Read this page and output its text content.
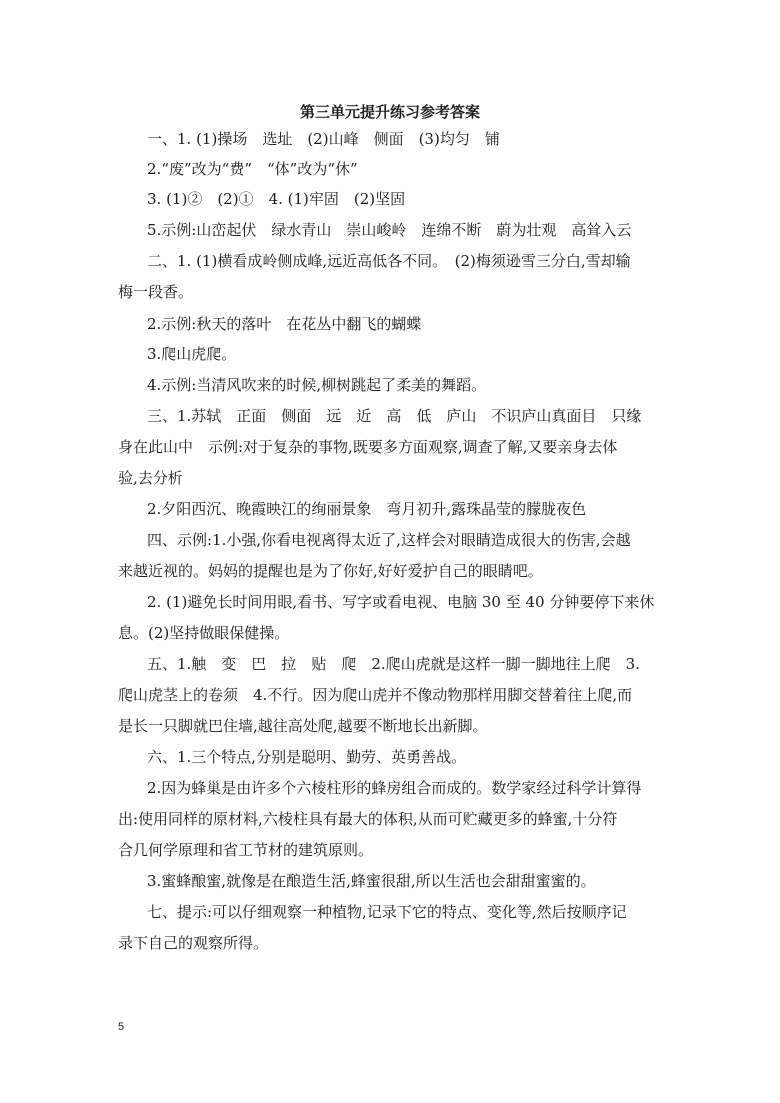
第三单元提升练习参考答案
一、1. (1)操场　选址　(2)山峰　侧面　(3)均匀　铺
2.“废”改为“费”　“体”改为“休”
3. (1)②　(2)①　4. (1)牢固　(2)坚固
5.示例:山峦起伏　绿水青山　崇山峻岭　连绵不断　蔚为壮观　高耸入云
二、1. (1)横看成岭侧成峰,远近高低各不同。　(2)梅须逊雪三分白,雪却输
梅一段香。
2.示例:秋天的落叶　在花丛中翻飞的蝴蝶
3.爬山虎爬。
4.示例:当清风吹来的时候,柳树跳起了柔美的舞蹈。
三、1.苏轼　正面　侧面　远　近　高　低　庐山　不识庐山真面目　只缘
身在此山中　示例:对于复杂的事物,既要多方面观察,调查了解,又要亲身去体
验,去分析
2.夕阳西沉、晚霞映江的绚丽景象　弯月初升,露珠晶莹的朦胧夜色
四、示例:1.小强,你看电视离得太近了,这样会对眼睛造成很大的伤害,会越
来越近视的。妈妈的提醒也是为了你好,好好爱护自己的眼睛吧。
2. (1)避免长时间用眼,看书、写字或看电视、电脑 30 至 40 分钟要停下来休
息。(2)坚持做眼保健操。
五、1.触　变　巴　拉　贴　爬　2.爬山虎就是这样一脚一脚地往上爬　3.
爬山虎茎上的卷须　4.不行。因为爬山虎并不像动物那样用脚交替着往上爬,而
是长一只脚就巴住墙,越往高处爬,越要不断地长出新脚。
六、1.三个特点,分别是聪明、勤劳、英勇善战。
2.因为蜂巢是由许多个六棱柱形的蜂房组合而成的。数学家经过科学计算得
出:使用同样的原材料,六棱柱具有最大的体积,从而可贮藏更多的蜂蜜,十分符
合几何学原理和省工节材的建筑原则。
3.蜜蜂酿蜜,就像是在酿造生活,蜂蜜很甜,所以生活也会甜甜蜜蜜的。
七、提示:可以仔细观察一种植物,记录下它的特点、变化等,然后按顺序记
录下自己的观察所得。
5
